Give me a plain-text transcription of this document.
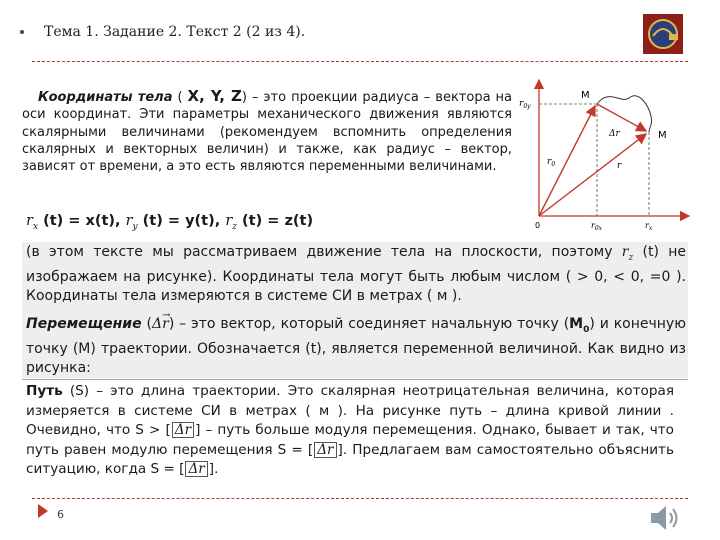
Тема 1. Задание 2. Текст 2 (2 из 4).
Координаты тела ( X, Y, Z) – это проекции радиуса – вектора на оси координат. Эти параметры механического движения являются скалярными величинами (рекомендуем вспомнить определения скалярных и векторных величин) и также, как радиус – вектор, зависят от времени, а это есть являются переменными величинами.
$r_{0y}$
M
M
Δr
$r_0$	r
0	$r_{0x}$	$r_x$
$r_x$ (t) = x(t), $r_y$ (t) = y(t), $r_z$ (t) = z(t)
(в этом тексте мы рассматриваем движение тела на плоскости, поэтому $r_z$ (t) не изображаем на рисунке). Координаты тела могут быть любым числом ( > 0, < 0, =0 ). Координаты тела измеряются в системе СИ в метрах ( м ).
Перемещение (Δ→ r) – это вектор, который соединяет начальную точку $(M_0)$ и конечную точку (M) траектории. Обозначается (t), является переменной величиной. Как видно из рисунка:
Путь (S) – это длина траектории. Это скалярная неотрицательная величина, которая измеряется в системе СИ в метрах ( м ). На рисунке путь – длина кривой линии . Очевидно, что S > [ Δr ] – путь больше модуля перемещения. Однако, бывает и так, что путь равен модулю перемещения S = [ Δr ]. Предлагаем вам самостоятельно объяснить ситуацию, когда S = [ Δr ].
6
